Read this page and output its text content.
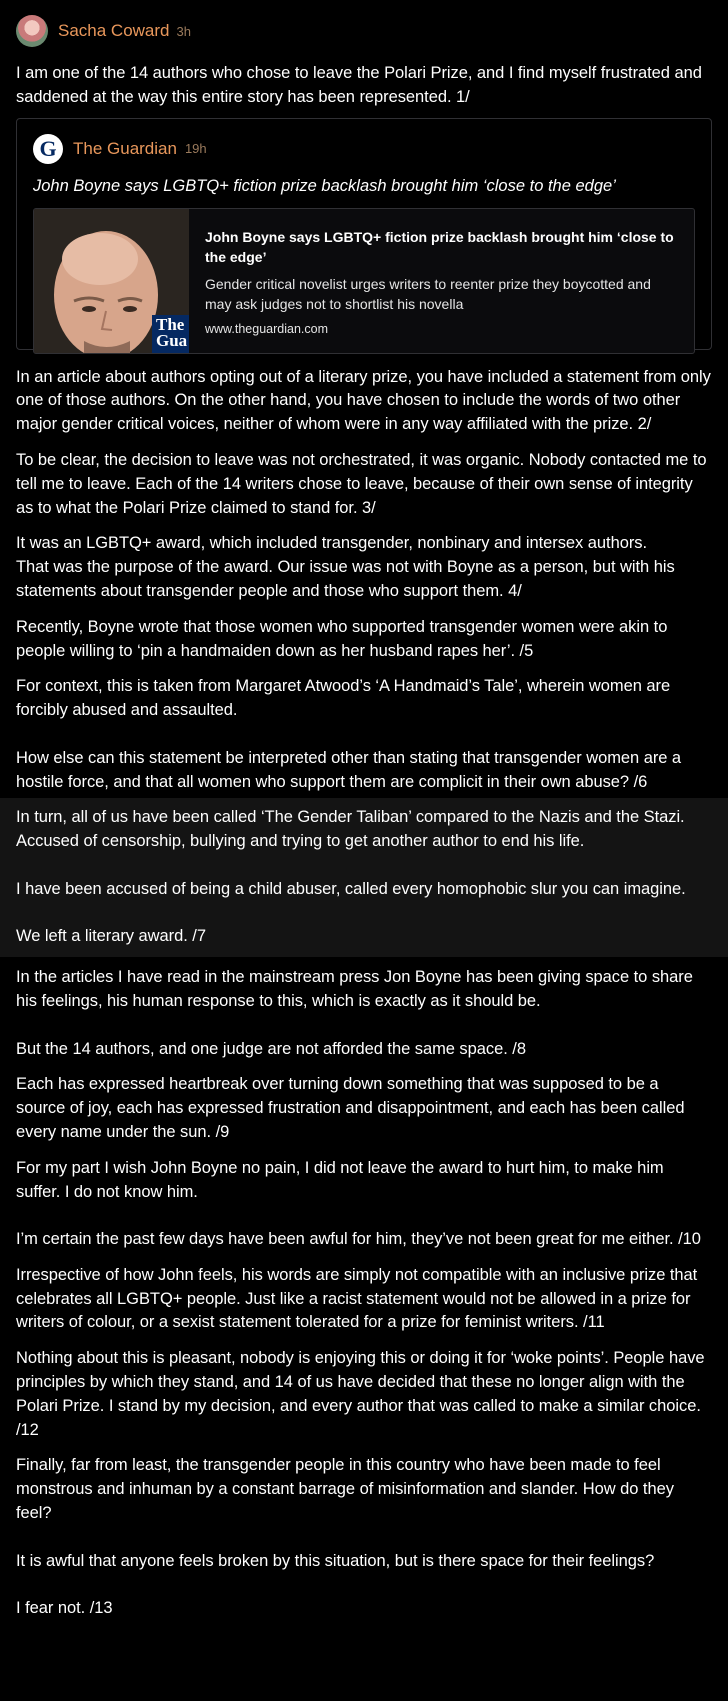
Sacha Coward 3h

I am one of the 14 authors who chose to leave the Polari Prize, and I find myself frustrated and saddened at the way this entire story has been represented. 1/

G The Guardian 19h
John Boyne says LGBTQ+ fiction prize backlash brought him ‘close to the edge’
The
Gua
John Boyne says LGBTQ+ fiction prize backlash brought him ‘close to the edge’
Gender critical novelist urges writers to reenter prize they boycotted and may ask judges not to shortlist his novella
www.theguardian.com

In an article about authors opting out of a literary prize, you have included a statement from only one of those authors. On the other hand, you have chosen to include the words of two other major gender critical voices, neither of whom were in any way affiliated with the prize. 2/

To be clear, the decision to leave was not orchestrated, it was organic. Nobody contacted me to tell me to leave. Each of the 14 writers chose to leave, because of their own sense of integrity as to what the Polari Prize claimed to stand for. 3/

It was an LGBTQ+ award, which included transgender, nonbinary and intersex authors.
That was the purpose of the award. Our issue was not with Boyne as a person, but with his statements about transgender people and those who support them. 4/

Recently, Boyne wrote that those women who supported transgender women were akin to people willing to ‘pin a handmaiden down as her husband rapes her’. /5

For context, this is taken from Margaret Atwood’s ‘A Handmaid’s Tale’, wherein women are forcibly abused and assaulted.

How else can this statement be interpreted other than stating that transgender women are a hostile force, and that all women who support them are complicit in their own abuse? /6

In turn, all of us have been called ‘The Gender Taliban’ compared to the Nazis and the Stazi. Accused of censorship, bullying and trying to get another author to end his life.

I have been accused of being a child abuser, called every homophobic slur you can imagine.

We left a literary award. /7

In the articles I have read in the mainstream press Jon Boyne has been giving space to share his feelings, his human response to this, which is exactly as it should be.

But the 14 authors, and one judge are not afforded the same space. /8

Each has expressed heartbreak over turning down something that was supposed to be a source of joy, each has expressed frustration and disappointment, and each has been called every name under the sun. /9

For my part I wish John Boyne no pain, I did not leave the award to hurt him, to make him suffer. I do not know him.

I’m certain the past few days have been awful for him, they’ve not been great for me either. /10

Irrespective of how John feels, his words are simply not compatible with an inclusive prize that celebrates all LGBTQ+ people. Just like a racist statement would not be allowed in a prize for writers of colour, or a sexist statement tolerated for a prize for feminist writers. /11

Nothing about this is pleasant, nobody is enjoying this or doing it for ‘woke points’. People have principles by which they stand, and 14 of us have decided that these no longer align with the Polari Prize. I stand by my decision, and every author that was called to make a similar choice. /12

Finally, far from least, the transgender people in this country who have been made to feel monstrous and inhuman by a constant barrage of misinformation and slander. How do they feel?

It is awful that anyone feels broken by this situation, but is there space for their feelings?

I fear not. /13
